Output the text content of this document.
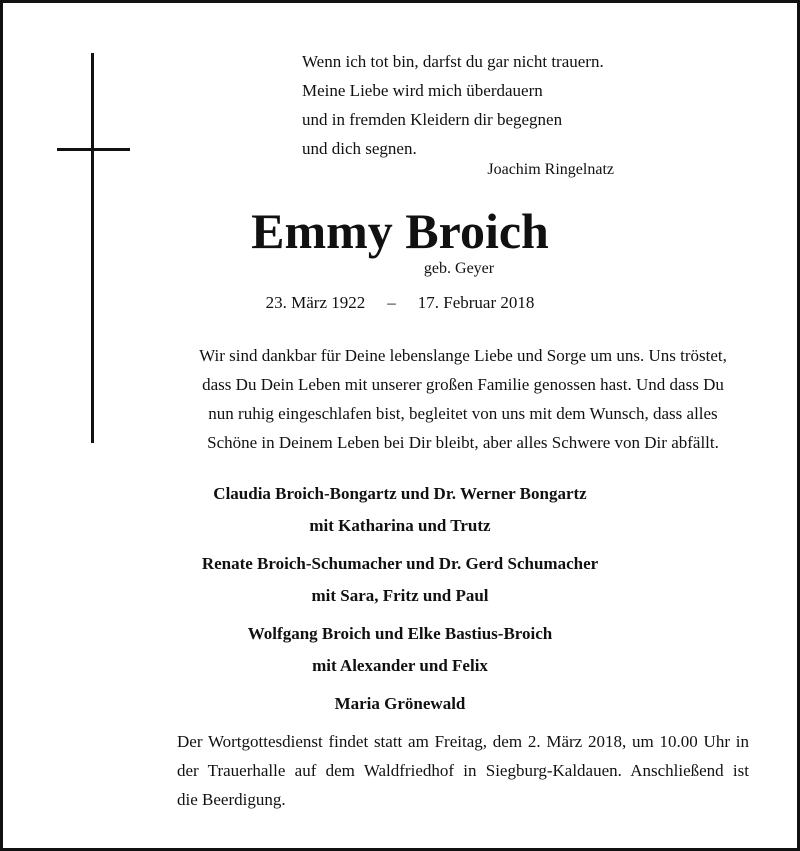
Wenn ich tot bin, darfst du gar nicht trauern.
Meine Liebe wird mich überdauern
und in fremden Kleidern dir begegnen
und dich segnen.
Joachim Ringelnatz
Emmy Broich
geb. Geyer
23. März 1922 – 17. Februar 2018
Wir sind dankbar für Deine lebenslange Liebe und Sorge um uns. Uns tröstet,
dass Du Dein Leben mit unserer großen Familie genossen hast. Und dass Du
nun ruhig eingeschlafen bist, begleitet von uns mit dem Wunsch, dass alles
Schöne in Deinem Leben bei Dir bleibt, aber alles Schwere von Dir abfällt.
Claudia Broich-Bongartz und Dr. Werner Bongartz
mit Katharina und Trutz
Renate Broich-Schumacher und Dr. Gerd Schumacher
mit Sara, Fritz und Paul
Wolfgang Broich und Elke Bastius-Broich
mit Alexander und Felix
Maria Grönewald
Der Wortgottesdienst findet statt am Freitag, dem 2. März 2018, um 10.00 Uhr in
der Trauerhalle auf dem Waldfriedhof in Siegburg-Kaldauen. Anschließend ist
die Beerdigung.
